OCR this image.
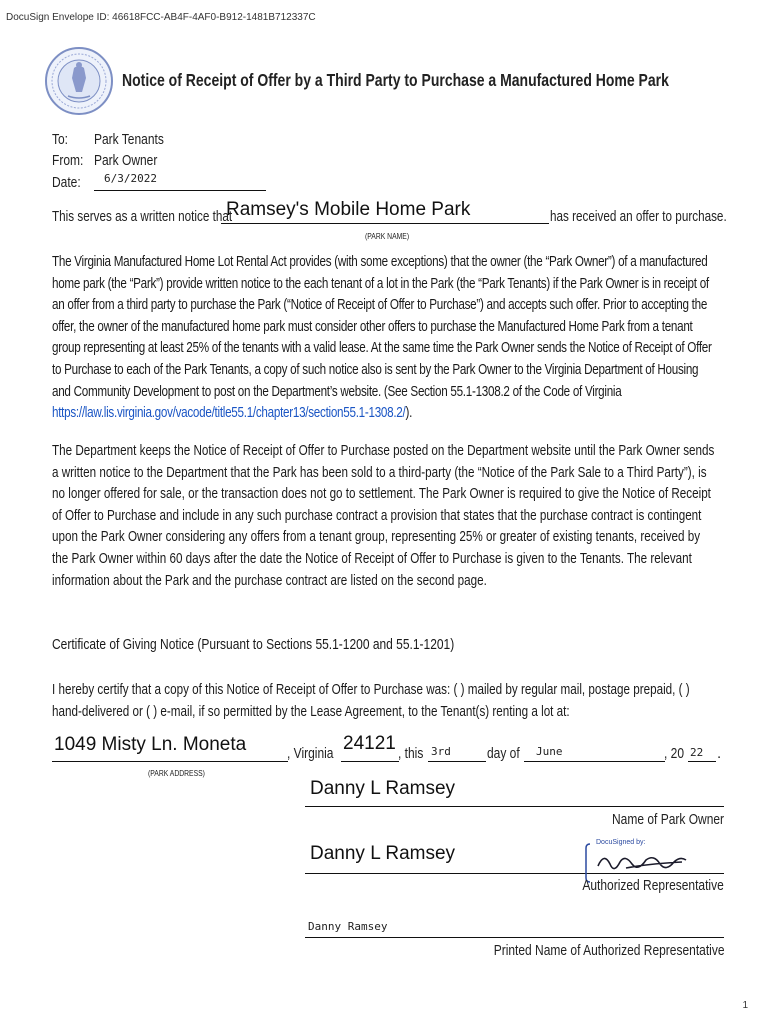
DocuSign Envelope ID: 46618FCC-AB4F-4AF0-B912-1481B712337C
Notice of Receipt of Offer by a Third Party to Purchase a Manufactured Home Park
To: Park Tenants
From: Park Owner
Date: 6/3/2022
This serves as a written notice that
Ramsey's Mobile Home Park	has received an offer to purchase.
(PARK NAME)
The Virginia Manufactured Home Lot Rental Act provides (with some exceptions) that the owner (the “Park Owner”) of a manufactured home park (the “Park”) provide written notice to the each tenant of a lot in the Park (the “Park Tenants) if the Park Owner is in receipt of an offer from a third party to purchase the Park (“Notice of Receipt of Offer to Purchase”) and accepts such offer. Prior to accepting the offer, the owner of the manufactured home park must consider other offers to purchase the Manufactured Home Park from a tenant group representing at least 25% of the tenants with a valid lease. At the same time the Park Owner sends the Notice of Receipt of Offer to Purchase to each of the Park Tenants, a copy of such notice also is sent by the Park Owner to the Virginia Department of Housing and Community Development to post on the Department’s website. (See Section 55.1-1308.2 of the Code of Virginia https://law.lis.virginia.gov/vacode/title55.1/chapter13/section55.1-1308.2/).
The Department keeps the Notice of Receipt of Offer to Purchase posted on the Department website until the Park Owner sends a written notice to the Department that the Park has been sold to a third-party (the “Notice of the Park Sale to a Third Party”), is no longer offered for sale, or the transaction does not go to settlement. The Park Owner is required to give the Notice of Receipt of Offer to Purchase and include in any such purchase contract a provision that states that the purchase contract is contingent upon the Park Owner considering any offers from a tenant group, representing 25% or greater of existing tenants, received by the Park Owner within 60 days after the date the Notice of Receipt of Offer to Purchase is given to the Tenants. The relevant information about the Park and the purchase contract are listed on the second page.
Certificate of Giving Notice (Pursuant to Sections 55.1-1200 and 55.1-1201)
I hereby certify that a copy of this Notice of Receipt of Offer to Purchase was: ( ) mailed by regular mail, postage prepaid, ( ) hand-delivered or ( ) e-mail, if so permitted by the Lease Agreement, to the Tenant(s) renting a lot at:
1049 Misty Ln. Moneta	, Virginia 24121 , this 3rd day of June	, 20 22 .
(PARK ADDRESS)
Danny L Ramsey
Name of Park Owner
Danny L Ramsey
DocuSigned by:
Authorized Representative
Danny Ramsey
Printed Name of Authorized Representative
1
